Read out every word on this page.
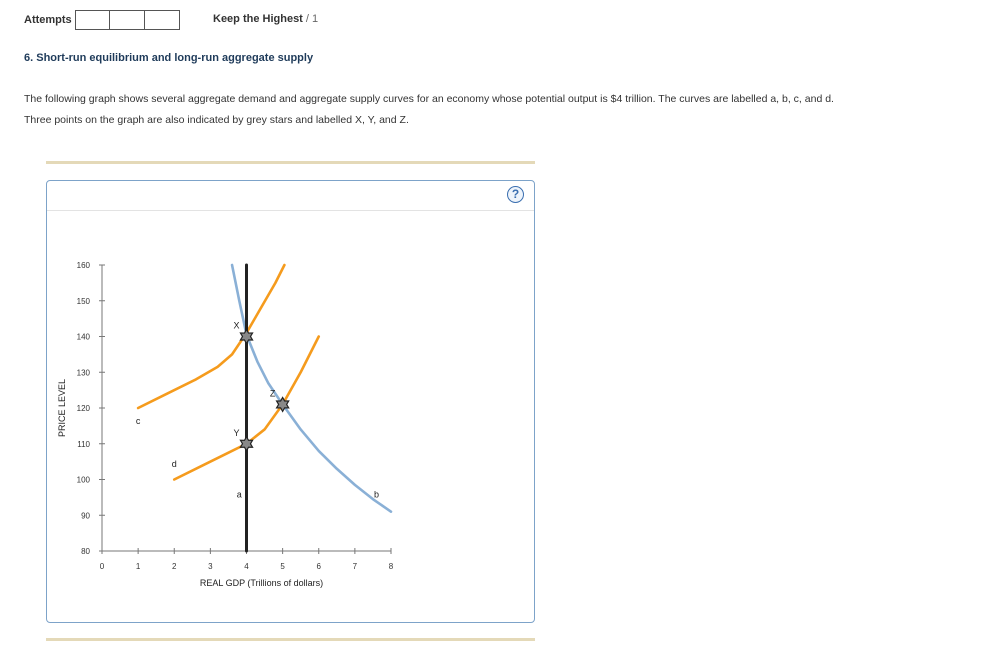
Attempts	Keep the Highest / 1
6. Short-run equilibrium and long-run aggregate supply
The following graph shows several aggregate demand and aggregate supply curves for an economy whose potential output is $4 trillion. The curves are labelled a, b, c, and d. Three points on the graph are also indicated by grey stars and labelled X, Y, and Z.
?
80
90
100
110
120
130
140
150
160
0	1	2	3	4	5	6	7	8
REAL GDP (Trillions of dollars)
PRICE LEVEL
b
c
d
a
X
Y
Z
